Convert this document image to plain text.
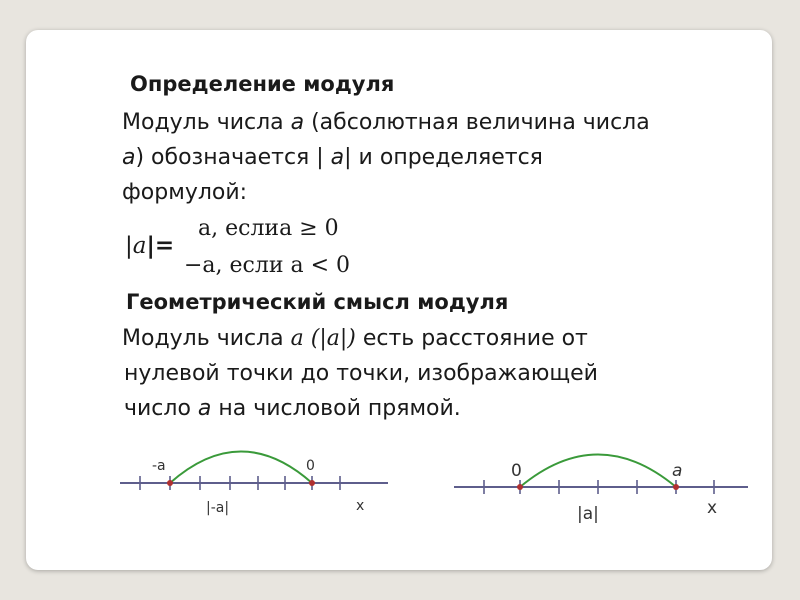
Определение модуля
Модуль числа a (абсолютная величина числа
a) обозначается | a| и определяется
формулой:
|a|=
a, еслиa ≥ 0
−a, если a < 0
Геометрический смысл модуля
Модуль числа a (|a|) есть расстояние от
нулевой точки до точки, изображающей
число a на числовой прямой.
-a	0
|-a|	x
0	a
|a|	x
